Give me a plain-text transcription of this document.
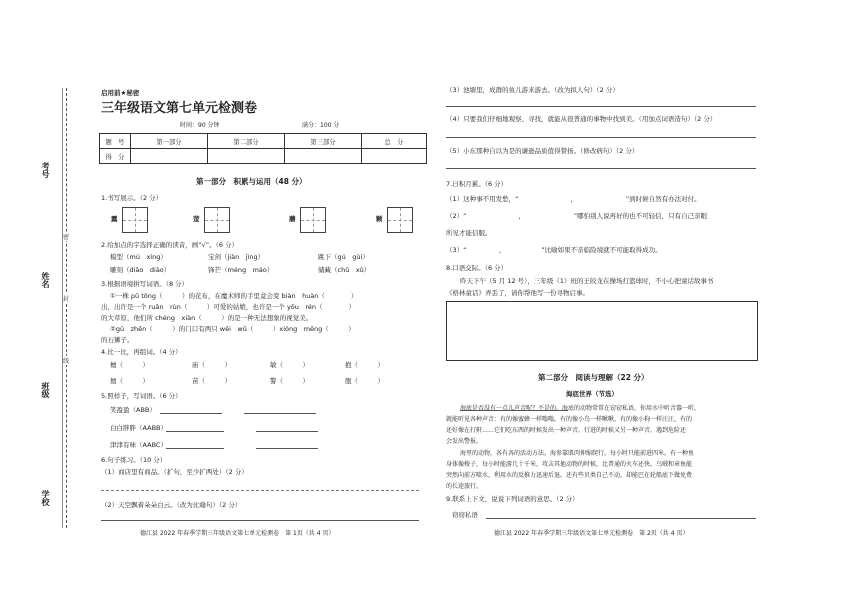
考号
姓名
班级
学校
密
封
线
启用前★秘密
三年级语文第七单元检测卷
时间：90 分钟	满分：100 分
题　号	第一部分	第二部分	第三部分	总　分
得　分				
第一部分　积累与运用（48 分）
1.书写展示。（2 分）
露	萤	蘑	颗
2.给加点的字选择正确的读音，画“√”。（6 分）
模型（mú　xíng）	宝剑（jiàn　jìng）	跳下（gú　gùi）
雕刻（diāo　diào）	锋芒（méng　máo）	储藏（chǔ　xǔ）
3.根据语境拼写词语。（8 分）
①一株 pǔ tōng（　　　）的花布，在魔术师的手里竟会变 biàn　huàn（　　　　）
出，出许是一个 ruǎn　rùn（　　　）可爱的姑娘，也许是一个 yōu　rén（　　　　）
的大草原，他们所 chéng　xiàn（　　　）的是一种无法想象的视觉美。
②gū　zhēn（　　　）的门口有两只 wēi　wǔ（　　　）xióng　měng（　　　）
的石狮子。
4.比一比，再组词。（4 分）
檀（　　　）	庙（　　　）	敏（　　　）	抱（　　　）
擅（　　　）	苗（　　　）	警（　　　）	胞（　　　）
5.照样子，写词语。（6 分）
笑盈盈（ABB）
白白胖胖（AABB）
津津有味（AABC）
6.句子练习。（10 分）
（1）商店里有商品。（扩句，至少扩两处）（2 分）
（2）天空飘着朵朵白云。（改为比喻句）（2 分）
德江县 2022 年春季学期三年级语文第七单元检测卷　第 1页（共 4 页）
（3）池塘里，成群的鱼儿游来游去。（改为拟人句）（2 分）
（4）只要我们仔细地观察、寻找，就能从很普通的事物中找到美。（用加点词语造句）（2 分）
（5）小东那种自以为是的谦逊品质值得赞扬。（修改病句）（2 分）
7.日积月累。（6 分）
（1）这种事不用发愁，“　　　　　　　　，　　　　　　　　”到时候自然有办法对付。
（2）“　　　　　　　　，　　　　　　　　”哪怕别人说再好的也不可轻信，只有自己亲眼
所见才能信服。
（3）“　　　　　，　　　　　　”比喻如果不亲临险境就不可能取得成功。
8.口语交际。（6 分）
昨天下午（5 月 12 号），三年级（1）班的王皎龙在操场打篮球时，不小心把童话故事书
《格林童话》弄丢了，请你帮他写一份寻物启事。
第二部分　阅读与理解（22 分）
海底世界（节选）
海底是否没有一点儿声音呢？不是的。海底的动物常常在窃窃私语，你用水中听音器一听，
就能听见各种声音：有的像蜜蜂一样嗡嗡，有的像小鸟一样啾啾，有的像小狗一样汪汪，有的
还好像在打鼾……它们吃东西的时候发出一种声音，行进的时候又另一种声音，遇到危险还
会发出警报。
海里的动物，各有各的活动方法。海参靠肌肉伸缩爬行，每小时只能前进四米。有一种鱼
身体像梭子，每小时能游几十千米，攻击其他动物的时候，比普通的火车还快。乌贼和章鱼能
突然向前方喷水，利用水的反推力迅速后退。还有些贝类自己不动，却能巴在轮船底下做免费
的长途旅行。
9.联系上下文，说说下列词语的意思。（2 分）
窃窃私语
德江县 2022 年春季学期三年级语文第七单元检测卷　第 2页（共 4 页）
